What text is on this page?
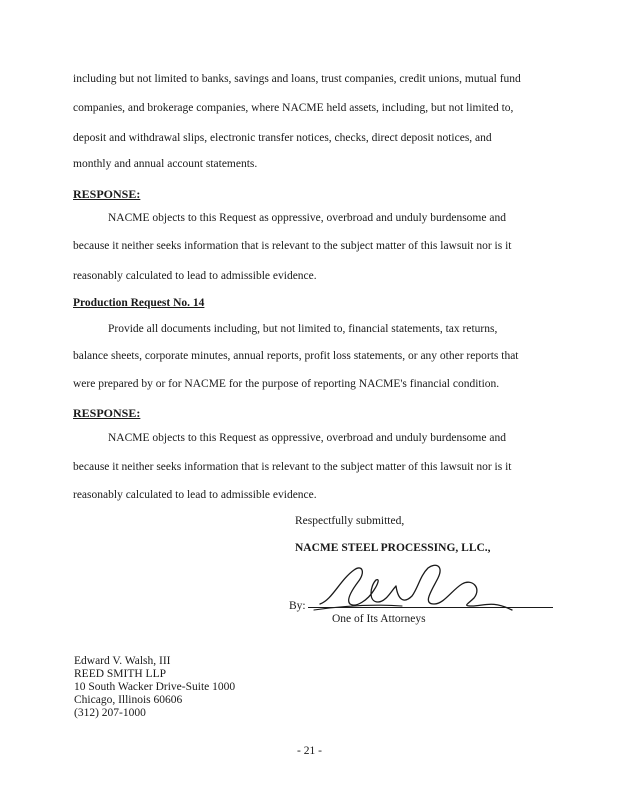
including but not limited to banks, savings and loans, trust companies, credit unions, mutual fund
companies, and brokerage companies, where NACME held assets, including, but not limited to,
deposit and withdrawal slips, electronic transfer notices, checks, direct deposit notices, and
monthly and annual account statements.
RESPONSE:
NACME objects to this Request as oppressive, overbroad and unduly burdensome and
because it neither seeks information that is relevant to the subject matter of this lawsuit nor is it
reasonably calculated to lead to admissible evidence.
Production Request No. 14
Provide all documents including, but not limited to, financial statements, tax returns,
balance sheets, corporate minutes, annual reports, profit loss statements, or any other reports that
were prepared by or for NACME for the purpose of reporting NACME's financial condition.
RESPONSE:
NACME objects to this Request as oppressive, overbroad and unduly burdensome and
because it neither seeks information that is relevant to the subject matter of this lawsuit nor is it
reasonably calculated to lead to admissible evidence.
Respectfully submitted,
NACME STEEL PROCESSING, LLC.,
By:
One of Its Attorneys
Edward V. Walsh, III
REED SMITH LLP
10 South Wacker Drive-Suite 1000
Chicago, Illinois 60606
(312) 207-1000
- 21 -
